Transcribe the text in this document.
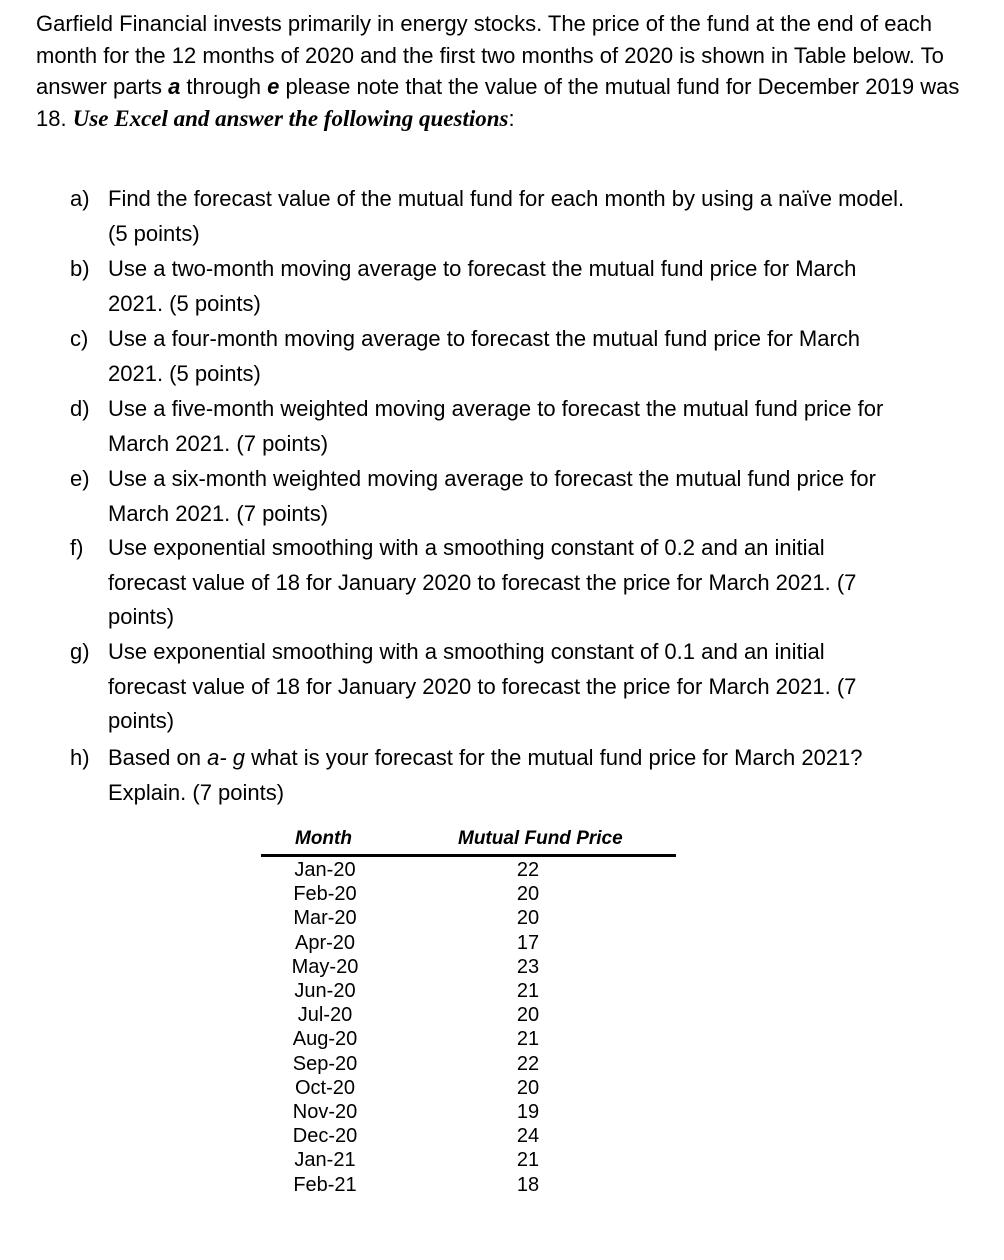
Garfield Financial invests primarily in energy stocks. The price of the fund at the end of each month for the 12 months of 2020 and the first two months of 2020 is shown in Table below. To answer parts a through e please note that the value of the mutual fund for December 2019 was 18. Use Excel and answer the following questions:

a) Find the forecast value of the mutual fund for each month by using a naïve model. (5 points)
b) Use a two-month moving average to forecast the mutual fund price for March 2021. (5 points)
c) Use a four-month moving average to forecast the mutual fund price for March 2021. (5 points)
d) Use a five-month weighted moving average to forecast the mutual fund price for March 2021. (7 points)
e) Use a six-month weighted moving average to forecast the mutual fund price for March 2021. (7 points)
f) Use exponential smoothing with a smoothing constant of 0.2 and an initial forecast value of 18 for January 2020 to forecast the price for March 2021. (7 points)
g) Use exponential smoothing with a smoothing constant of 0.1 and an initial forecast value of 18 for January 2020 to forecast the price for March 2021. (7 points)
h) Based on a- g what is your forecast for the mutual fund price for March 2021? Explain. (7 points)
Month	Mutual Fund Price
Jan-20	22
Feb-20	20
Mar-20	20
Apr-20	17
May-20	23
Jun-20	21
Jul-20	20
Aug-20	21
Sep-20	22
Oct-20	20
Nov-20	19
Dec-20	24
Jan-21	21
Feb-21	18
